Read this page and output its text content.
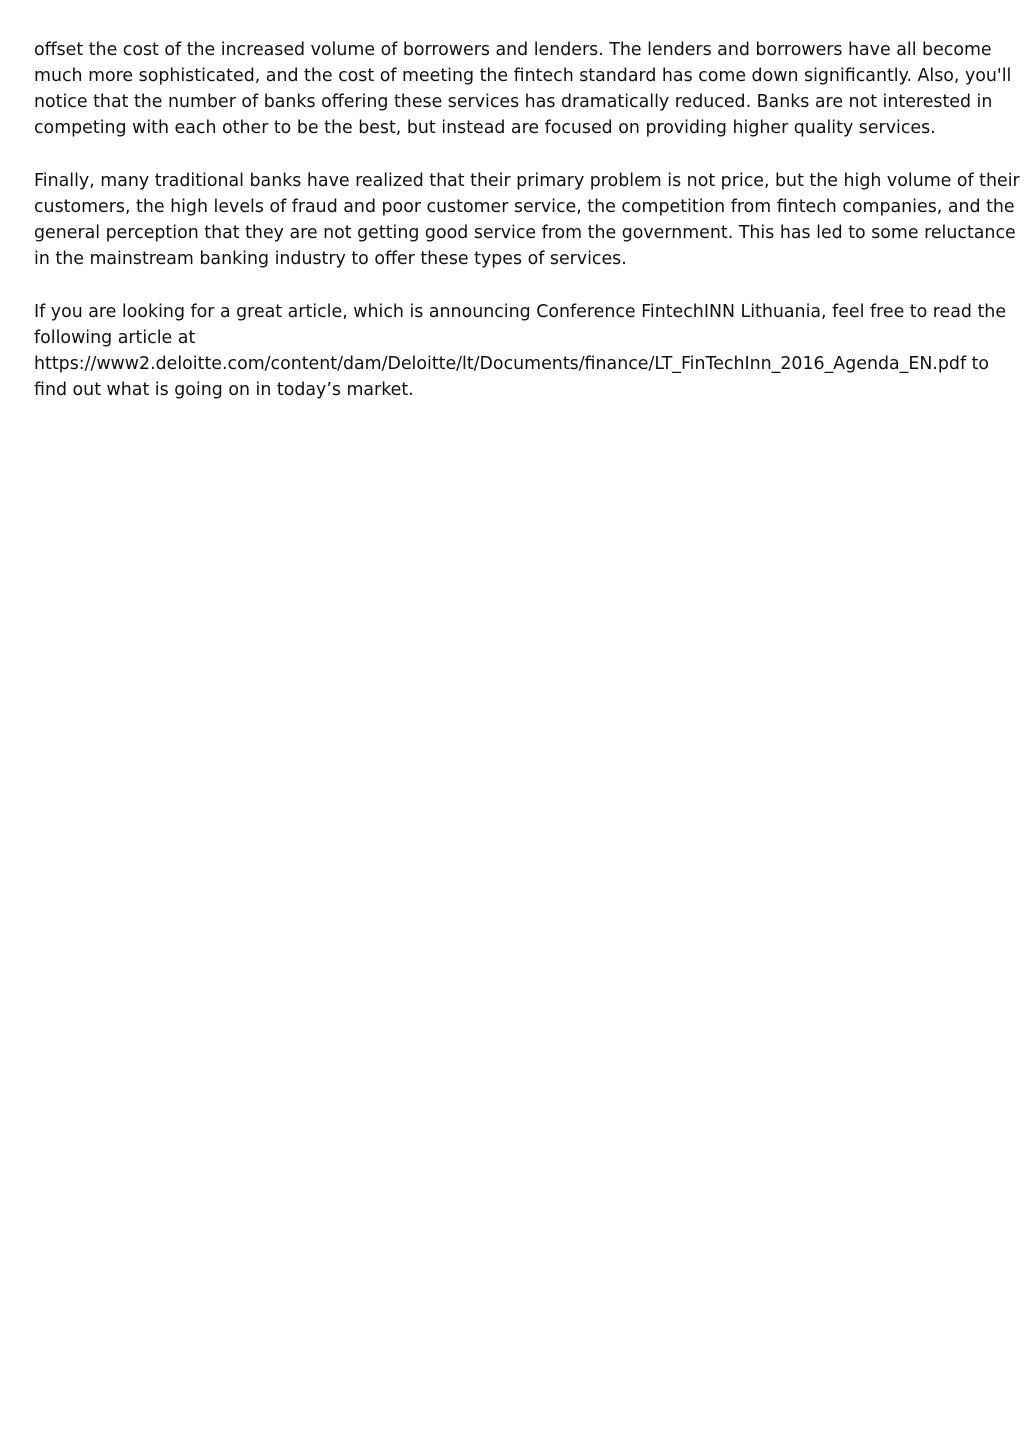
offset the cost of the increased volume of borrowers and lenders. The lenders and borrowers have all become
much more sophisticated, and the cost of meeting the fintech standard has come down significantly. Also, you'll
notice that the number of banks offering these services has dramatically reduced. Banks are not interested in
competing with each other to be the best, but instead are focused on providing higher quality services.

Finally, many traditional banks have realized that their primary problem is not price, but the high volume of their
customers, the high levels of fraud and poor customer service, the competition from fintech companies, and the
general perception that they are not getting good service from the government. This has led to some reluctance
in the mainstream banking industry to offer these types of services.

If you are looking for a great article, which is announcing Conference FintechINN Lithuania, feel free to read the
following article at
https://www2.deloitte.com/content/dam/Deloitte/lt/Documents/finance/LT_FinTechInn_2016_Agenda_EN.pdf to
find out what is going on in today’s market.
